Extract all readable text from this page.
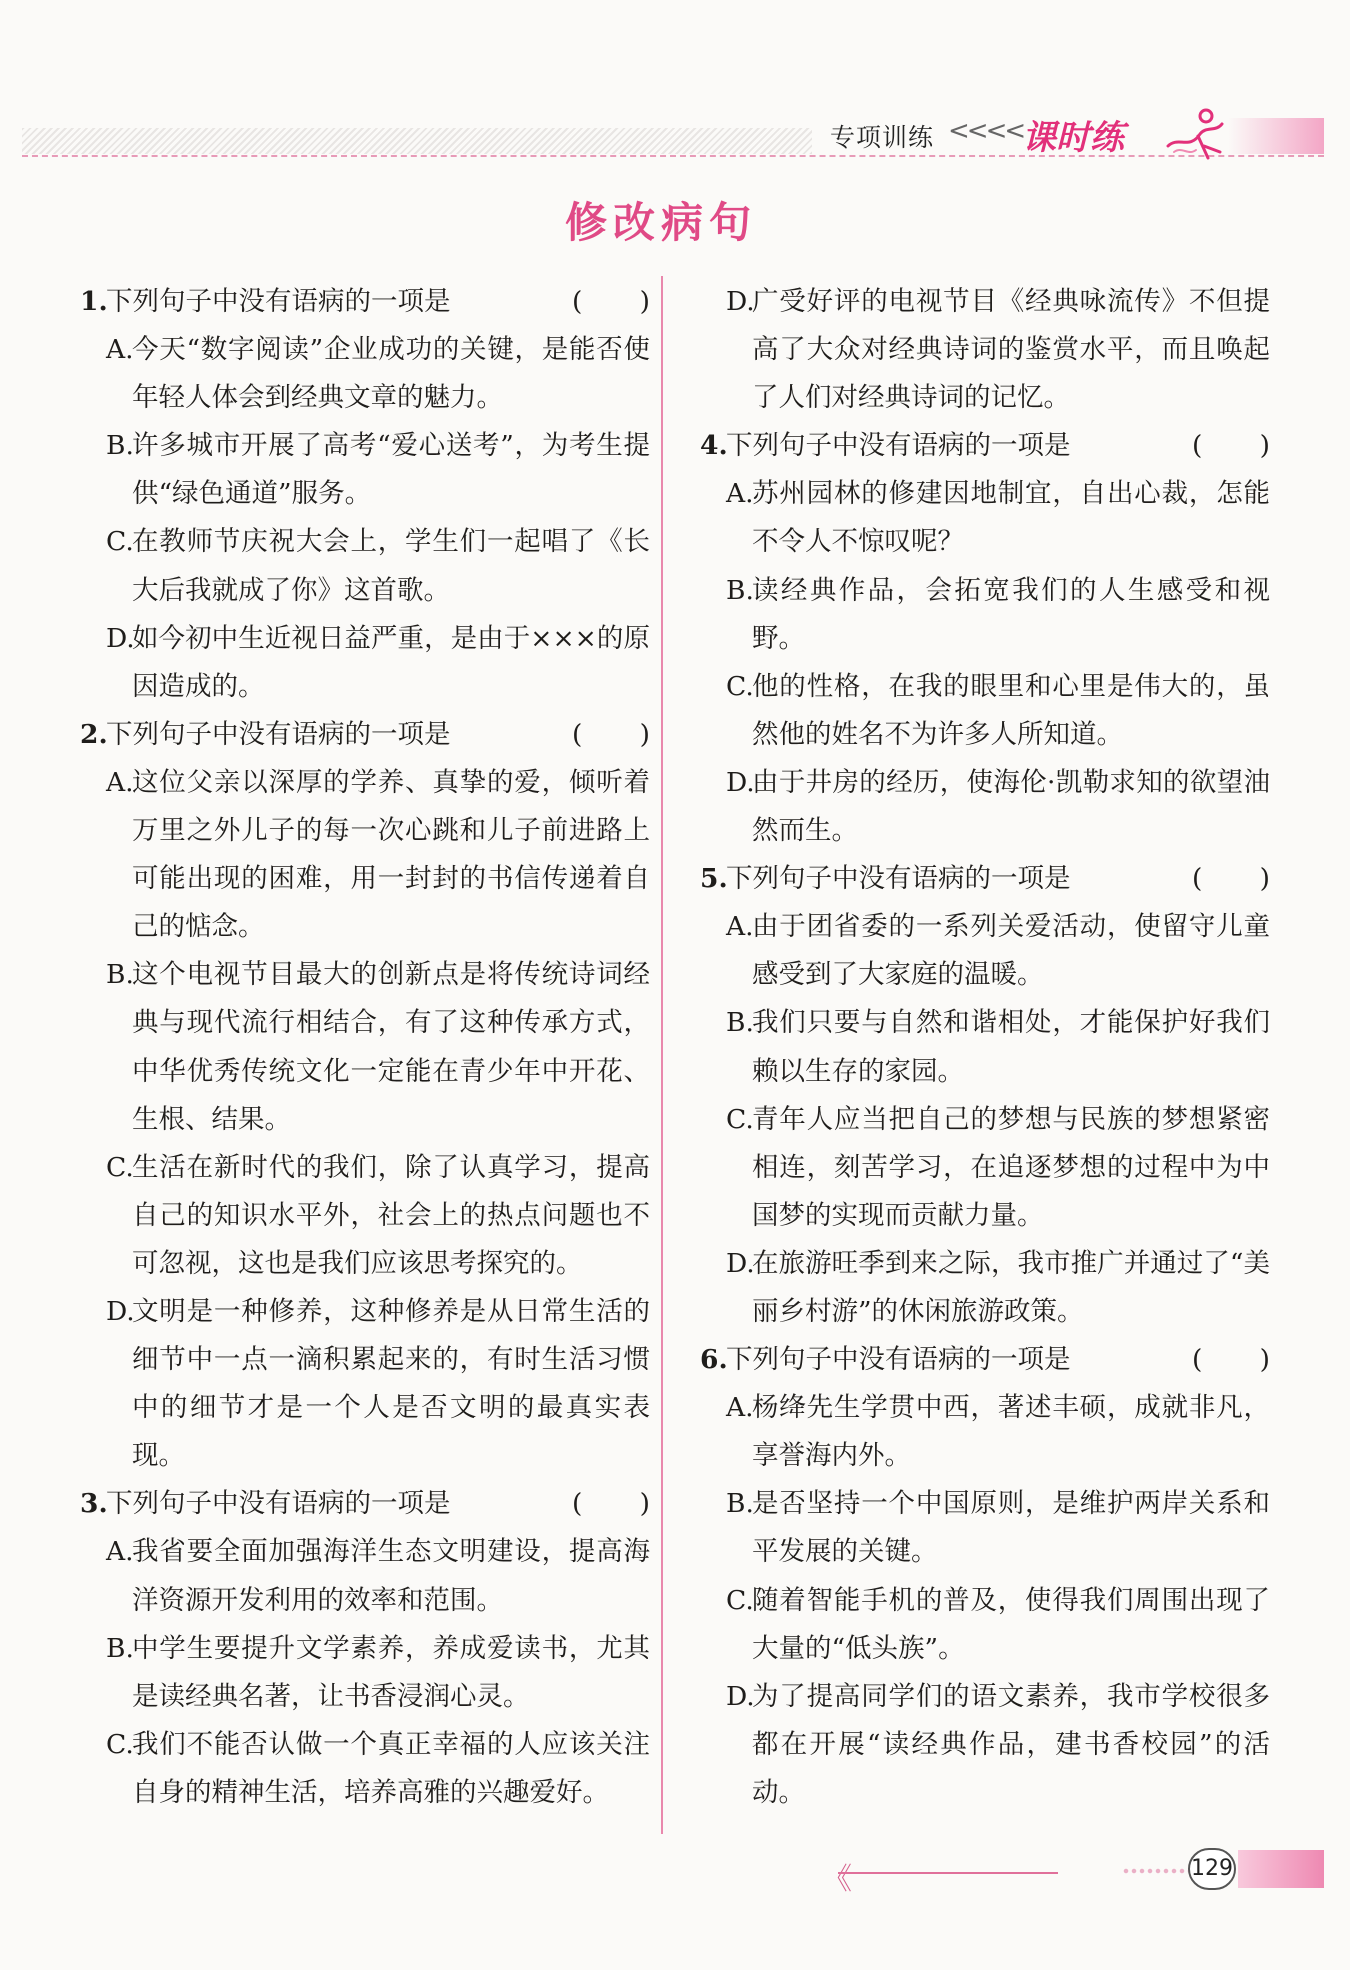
专项训练 <<<<
课时练
修改病句
1.
下列句子中没有语病的一项是	( )
A.
今天“数字阅读”企业成功的关键，是能否使年轻人体会到经典文章的魅力。
B.
许多城市开展了高考“爱心送考”，为考生提供“绿色通道”服务。
C.
在教师节庆祝大会上，学生们一起唱了《长大后我就成了你》这首歌。
D.
如今初中生近视日益严重，是由于×××的原因造成的。
2.
下列句子中没有语病的一项是	( )
A.
这位父亲以深厚的学养、真挚的爱，倾听着万里之外儿子的每一次心跳和儿子前进路上可能出现的困难，用一封封的书信传递着自己的惦念。
B.
这个电视节目最大的创新点是将传统诗词经典与现代流行相结合，有了这种传承方式，中华优秀传统文化一定能在青少年中开花、生根、结果。
C.
生活在新时代的我们，除了认真学习，提高自己的知识水平外，社会上的热点问题也不可忽视，这也是我们应该思考探究的。
D.
文明是一种修养，这种修养是从日常生活的细节中一点一滴积累起来的，有时生活习惯中的细节才是一个人是否文明的最真实表现。
3.
下列句子中没有语病的一项是	( )
A.
我省要全面加强海洋生态文明建设，提高海洋资源开发利用的效率和范围。
B.
中学生要提升文学素养，养成爱读书，尤其是读经典名著，让书香浸润心灵。
C.
我们不能否认做一个真正幸福的人应该关注自身的精神生活，培养高雅的兴趣爱好。
D.
广受好评的电视节目《经典咏流传》不但提高了大众对经典诗词的鉴赏水平，而且唤起了人们对经典诗词的记忆。
4.
下列句子中没有语病的一项是	( )
A.
苏州园林的修建因地制宜，自出心裁，怎能不令人不惊叹呢？
B.
读经典作品，会拓宽我们的人生感受和视野。
C.
他的性格，在我的眼里和心里是伟大的，虽然他的姓名不为许多人所知道。
D.
由于井房的经历，使海伦·凯勒求知的欲望油然而生。
5.
下列句子中没有语病的一项是	( )
A.
由于团省委的一系列关爱活动，使留守儿童感受到了大家庭的温暖。
B.
我们只要与自然和谐相处，才能保护好我们赖以生存的家园。
C.
青年人应当把自己的梦想与民族的梦想紧密相连，刻苦学习，在追逐梦想的过程中为中国梦的实现而贡献力量。
D.
在旅游旺季到来之际，我市推广并通过了“美丽乡村游”的休闲旅游政策。
6.
下列句子中没有语病的一项是	( )
A.
杨绛先生学贯中西，著述丰硕，成就非凡，享誉海内外。
B.
是否坚持一个中国原则，是维护两岸关系和平发展的关键。
C.
随着智能手机的普及，使得我们周围出现了大量的“低头族”。
D.
为了提高同学们的语文素养，我市学校很多都在开展“读经典作品，建书香校园”的活动。
《	129
